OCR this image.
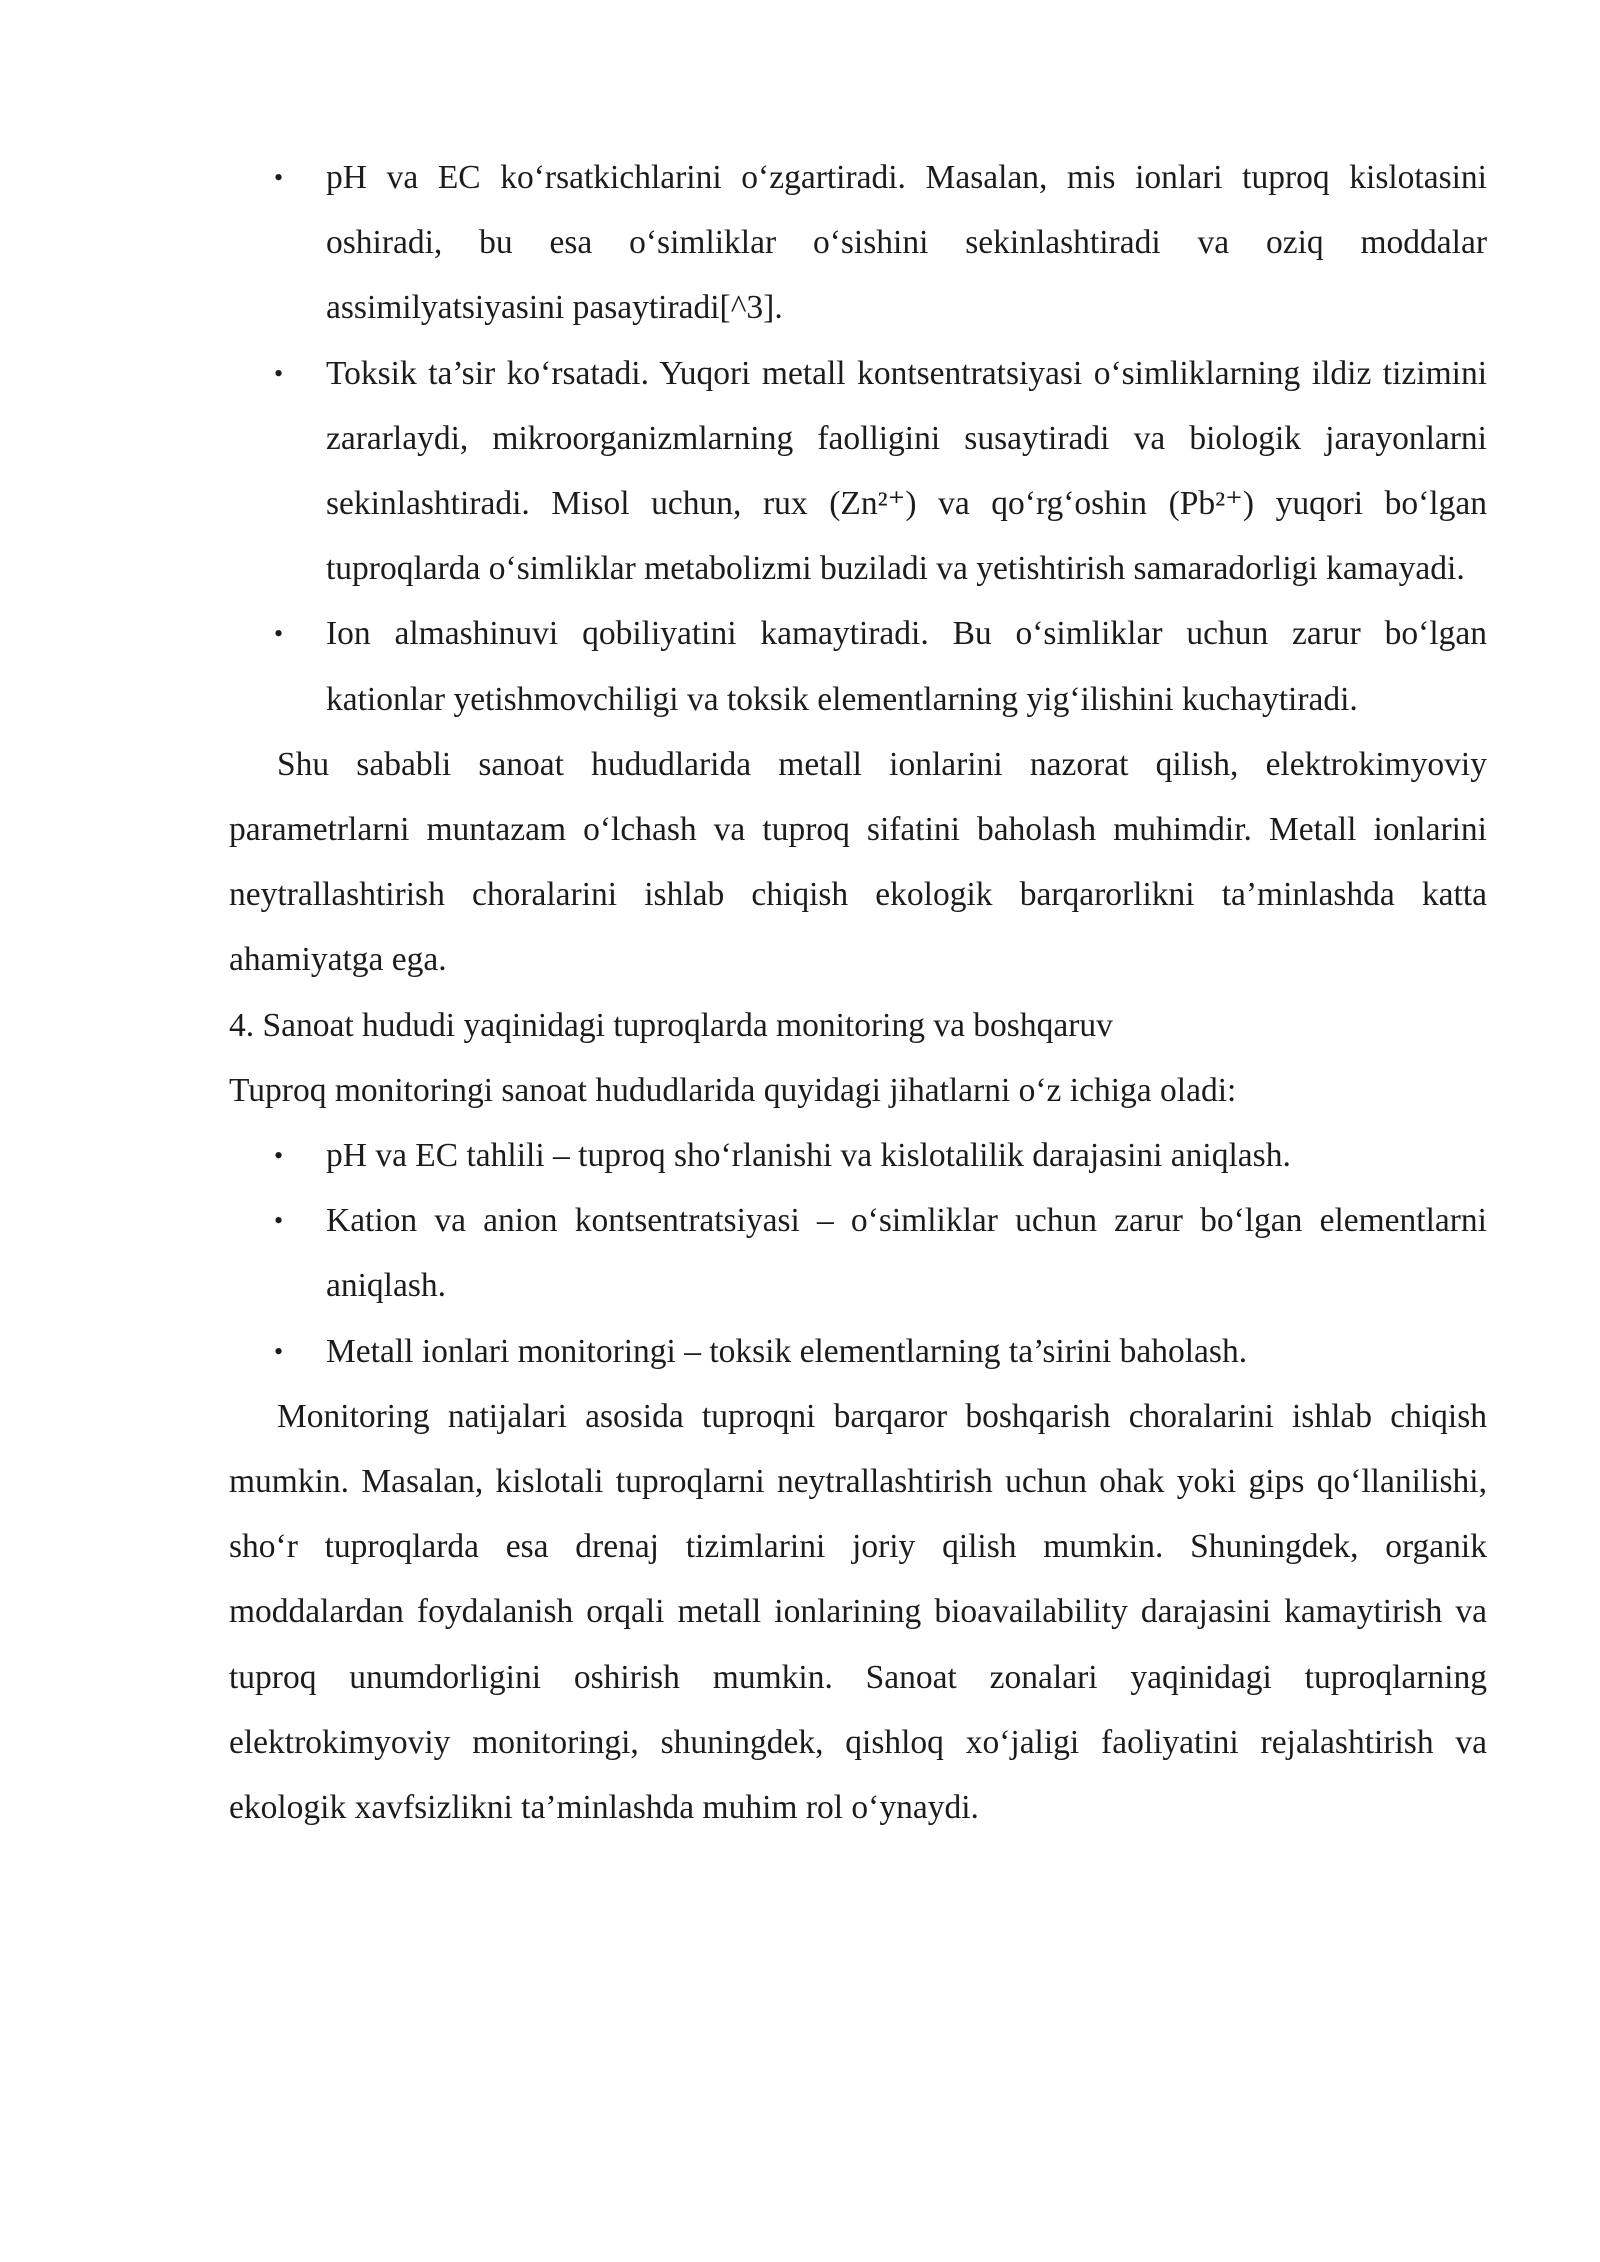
• pH va EC ko‘rsatkichlarini o‘zgartiradi. Masalan, mis ionlari tuproq kislotasini oshiradi, bu esa o‘simliklar o‘sishini sekinlashtiradi va oziq moddalar assimilyatsiyasini pasaytiradi[^3].
• Toksik ta’sir ko‘rsatadi. Yuqori metall kontsentratsiyasi o‘simliklarning ildiz tizimini zararlaydi, mikroorganizmlarning faolligini susaytiradi va biologik jarayonlarni sekinlashtiradi. Misol uchun, rux (Zn²⁺) va qo‘rg‘oshin (Pb²⁺) yuqori bo‘lgan tuproqlarda o‘simliklar metabolizmi buziladi va yetishtirish samaradorligi kamayadi.
• Ion almashinuvi qobiliyatini kamaytiradi. Bu o‘simliklar uchun zarur bo‘lgan kationlar yetishmovchiligi va toksik elementlarning yig‘ilishini kuchaytiradi.

Shu sababli sanoat hududlarida metall ionlarini nazorat qilish, elektrokimyoviy parametrlarni muntazam o‘lchash va tuproq sifatini baholash muhimdir. Metall ionlarini neytrallashtirish choralarini ishlab chiqish ekologik barqarorlikni ta’minlashda katta ahamiyatga ega.

4. Sanoat hududi yaqinidagi tuproqlarda monitoring va boshqaruv

Tuproq monitoringi sanoat hududlarida quyidagi jihatlarni o‘z ichiga oladi:

• pH va EC tahlili – tuproq sho‘rlanishi va kislotalilik darajasini aniqlash.
• Kation va anion kontsentratsiyasi – o‘simliklar uchun zarur bo‘lgan elementlarni aniqlash.
• Metall ionlari monitoringi – toksik elementlarning ta’sirini baholash.

Monitoring natijalari asosida tuproqni barqaror boshqarish choralarini ishlab chiqish mumkin. Masalan, kislotali tuproqlarni neytrallashtirish uchun ohak yoki gips qo‘llanilishi, sho‘r tuproqlarda esa drenaj tizimlarini joriy qilish mumkin. Shuningdek, organik moddalardan foydalanish orqali metall ionlarining bioavailability darajasini kamaytirish va tuproq unumdorligini oshirish mumkin. Sanoat zonalari yaqinidagi tuproqlarning elektrokimyoviy monitoringi, shuningdek, qishloq xo‘jaligi faoliyatini rejalashtirish va ekologik xavfsizlikni ta’minlashda muhim rol o‘ynaydi.
